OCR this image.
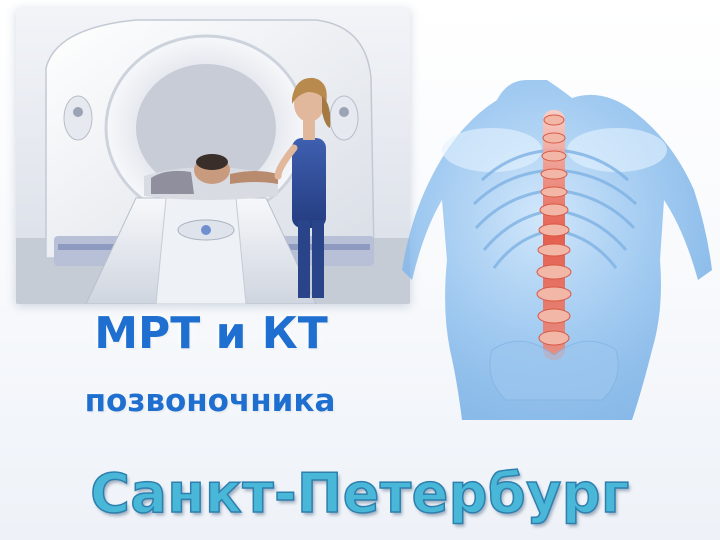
МРТ и КТ
позвоночника
Санкт-Петербург
